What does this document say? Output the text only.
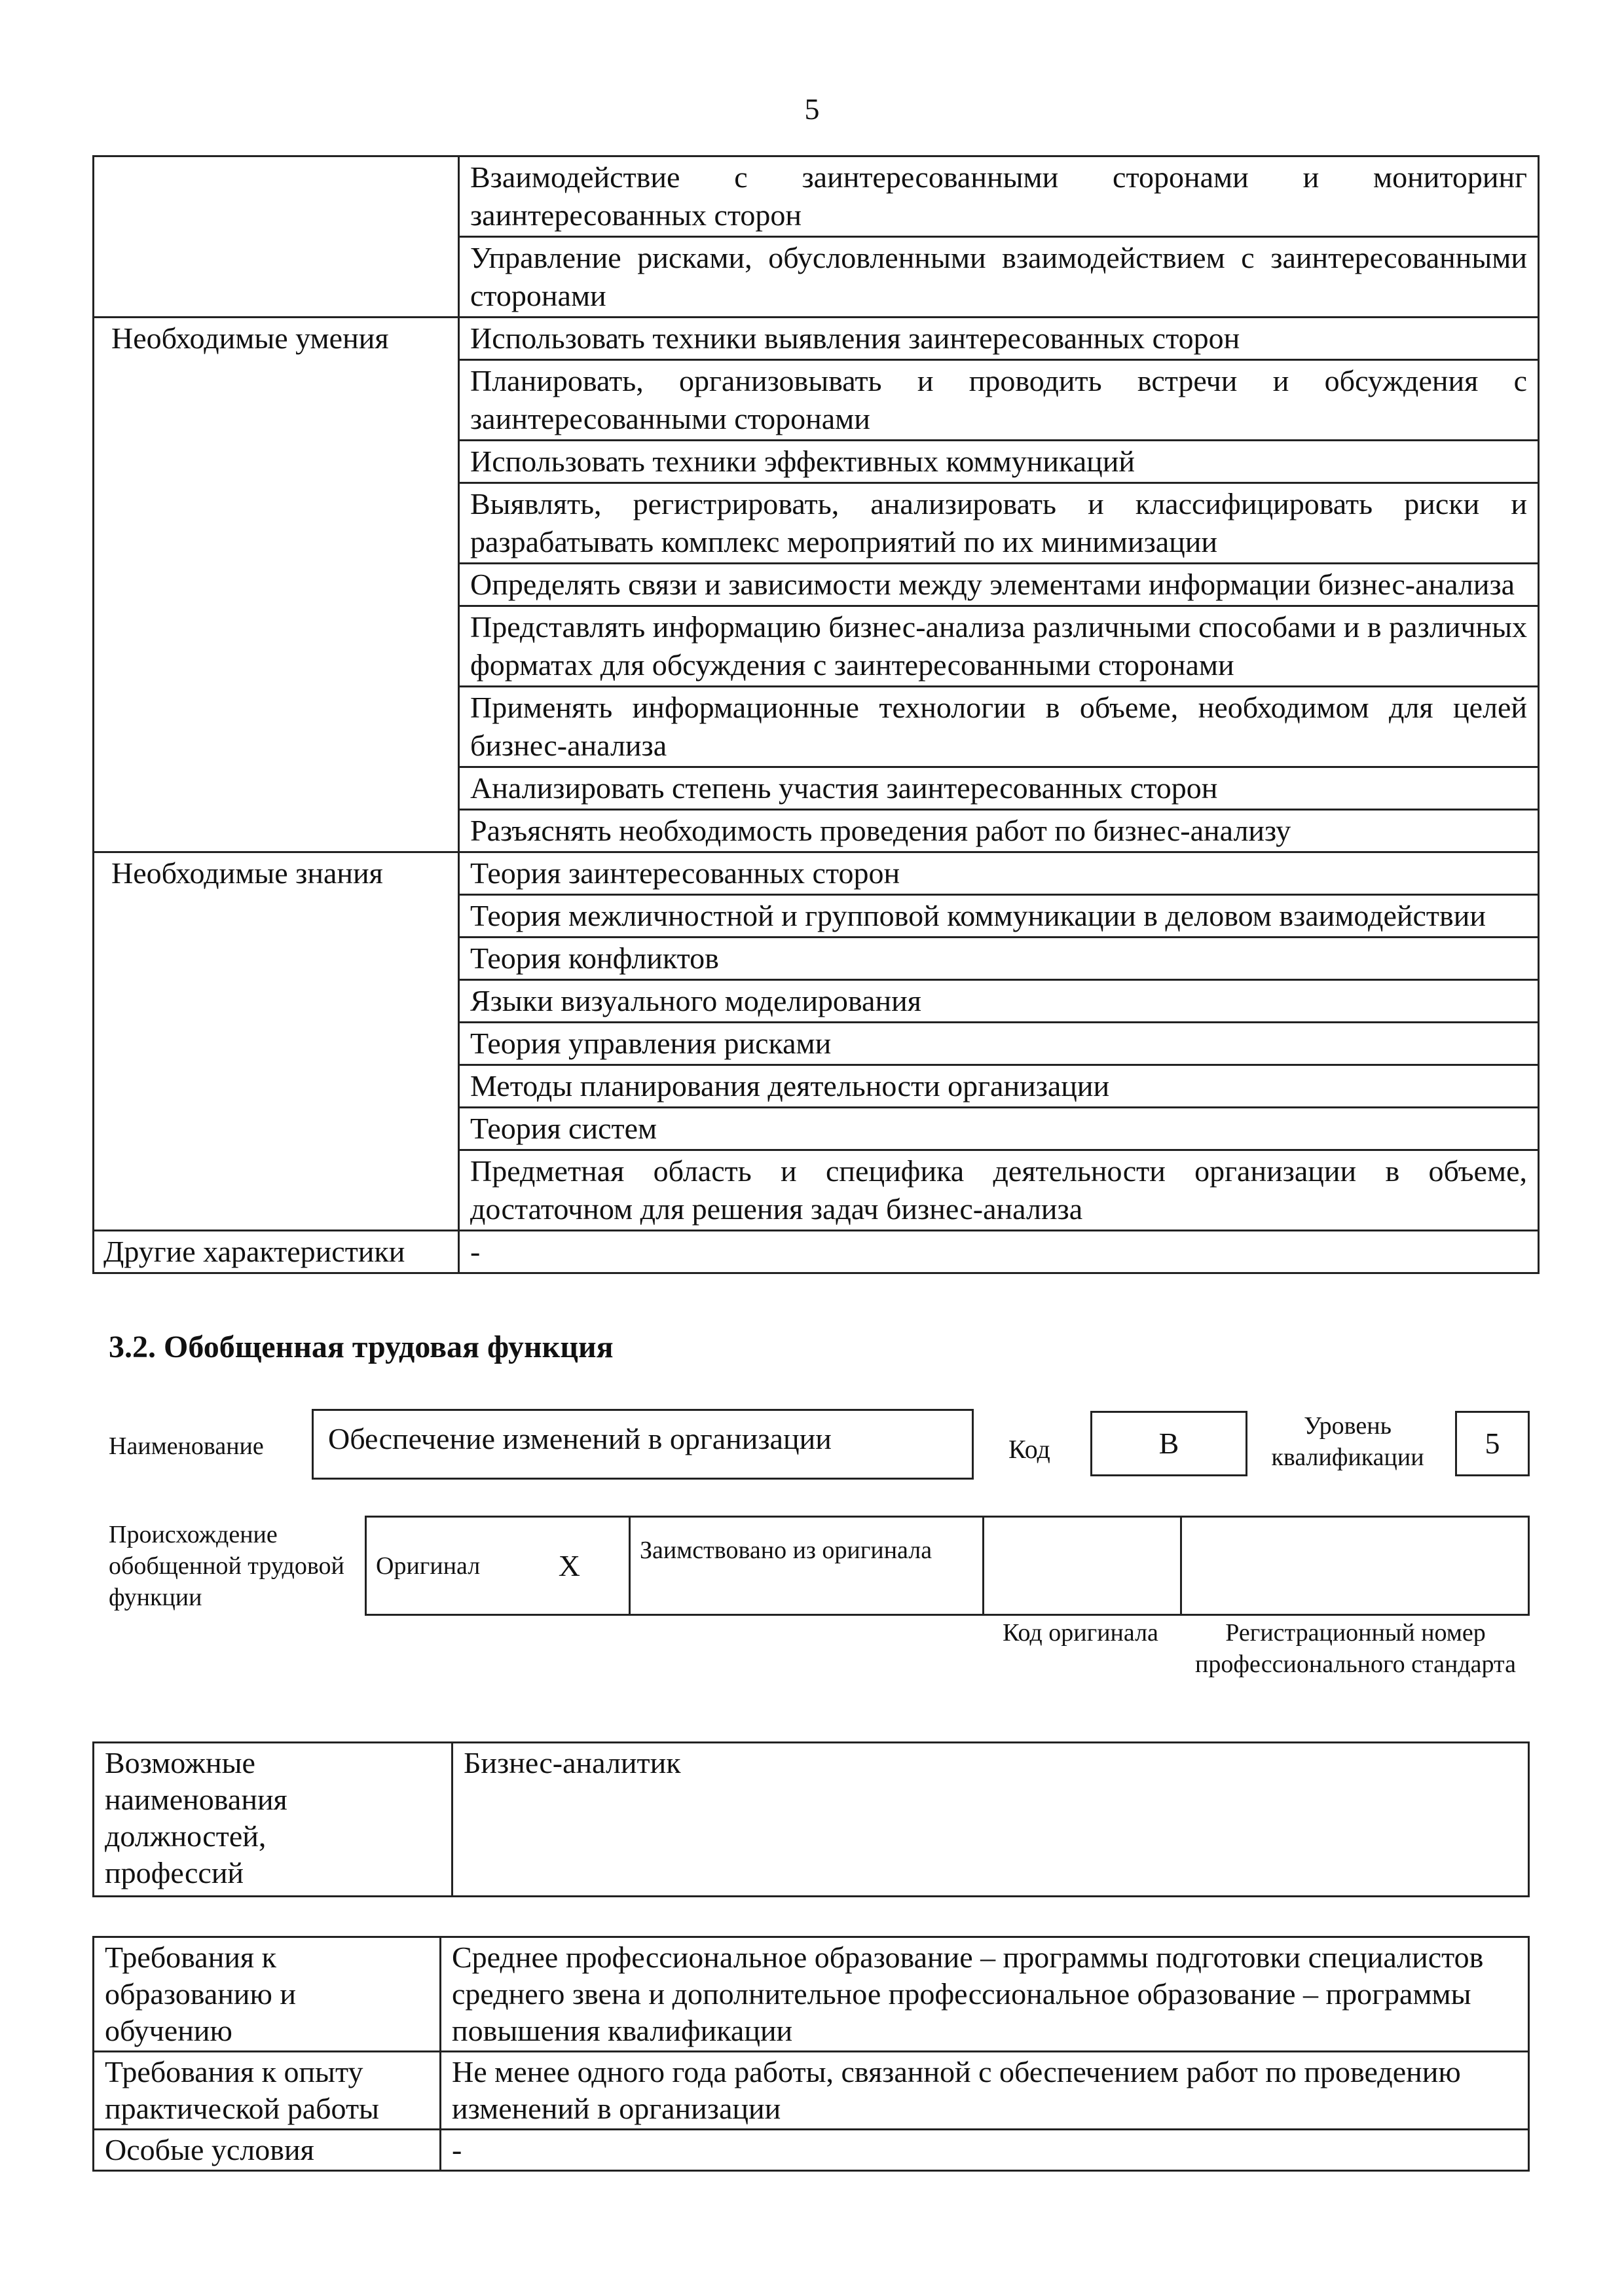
5
	Взаимодействие с заинтересованными сторонами и мониторинг заинтересованных сторон
	Управление рисками, обусловленными взаимодействием с заинтересованными сторонами
Необходимые умения	Использовать техники выявления заинтересованных сторон
	Планировать, организовывать и проводить встречи и обсуждения с заинтересованными сторонами
	Использовать техники эффективных коммуникаций
	Выявлять, регистрировать, анализировать и классифицировать риски и разрабатывать комплекс мероприятий по их минимизации
	Определять связи и зависимости между элементами информации бизнес-анализа
	Представлять информацию бизнес-анализа различными способами и в различных форматах для обсуждения с заинтересованными сторонами
	Применять информационные технологии в объеме, необходимом для целей бизнес-анализа
	Анализировать степень участия заинтересованных сторон
	Разъяснять необходимость проведения работ по бизнес-анализу
Необходимые знания	Теория заинтересованных сторон
	Теория межличностной и групповой коммуникации в деловом взаимодействии
	Теория конфликтов
	Языки визуального моделирования
	Теория управления рисками
	Методы планирования деятельности организации
	Теория систем
	Предметная область и специфика деятельности организации в объеме, достаточном для решения задач бизнес-анализа
Другие характеристики	-
3.2. Обобщенная трудовая функция
Наименование	Обеспечение изменений в организации	Код	B
Уровень квалификации	5
Происхождение обобщенной трудовой функции
Оригинал	X	Заимствовано из оригинала		
Код оригинала	Регистрационный номер профессионального стандарта
Возможные наименования должностей, профессий	Бизнес-аналитик
Требования к образованию и обучению	Среднее профессиональное образование – программы подготовки специалистов среднего звена и дополнительное профессиональное образование – программы повышения квалификации
Требования к опыту практической работы	Не менее одного года работы, связанной с обеспечением работ по проведению изменений в организации
Особые условия	-
